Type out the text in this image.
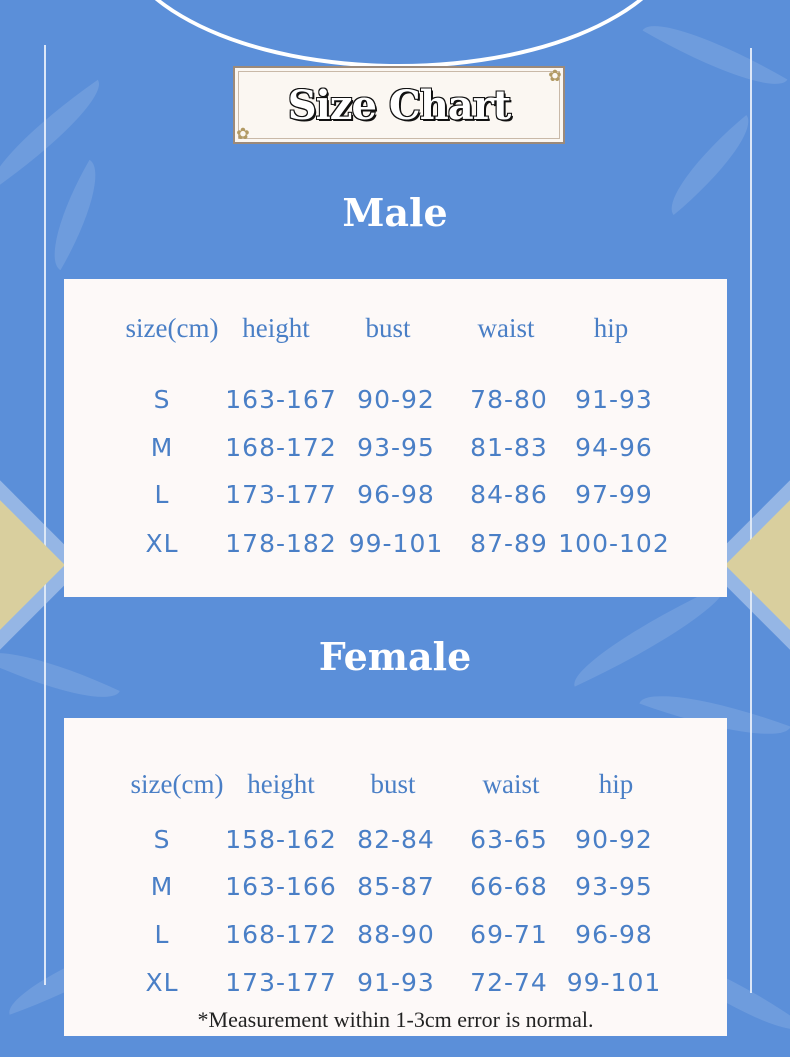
✿
✿
Size Chart
Male
size(cm) height bust waist hip
S 163-167 90-92 78-80 91-93
M 168-172 93-95 81-83 94-96
L 173-177 96-98 84-86 97-99
XL 178-182 99-101 87-89 100-102
Female
size(cm) height bust waist hip
S 158-162 82-84 63-65 90-92
M 163-166 85-87 66-68 93-95
L 168-172 88-90 69-71 96-98
XL 173-177 91-93 72-74 99-101
*Measurement within 1-3cm error is normal.
